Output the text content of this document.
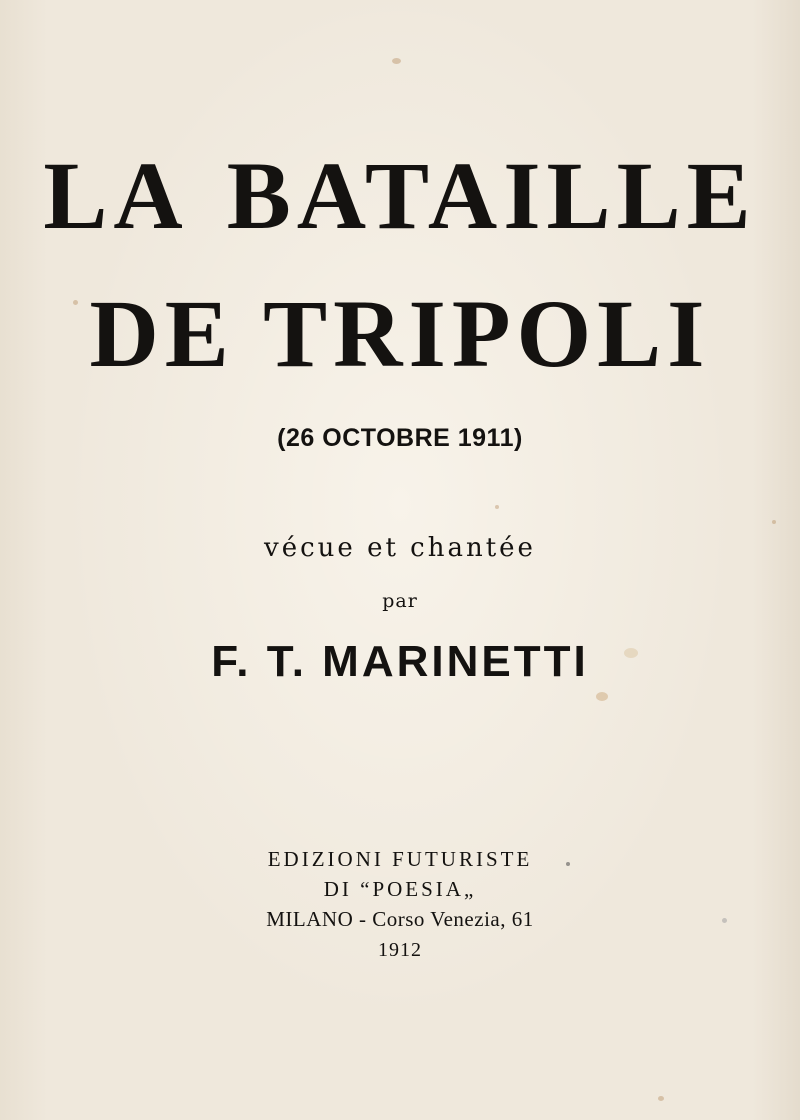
LA BATAILLE
DE TRIPOLI
(26 OCTOBRE 1911)
vécue et chantée
par
F. T. MARINETTI
EDIZIONI FUTURISTE
DI “POESIA„
MILANO - Corso Venezia, 61
1912
